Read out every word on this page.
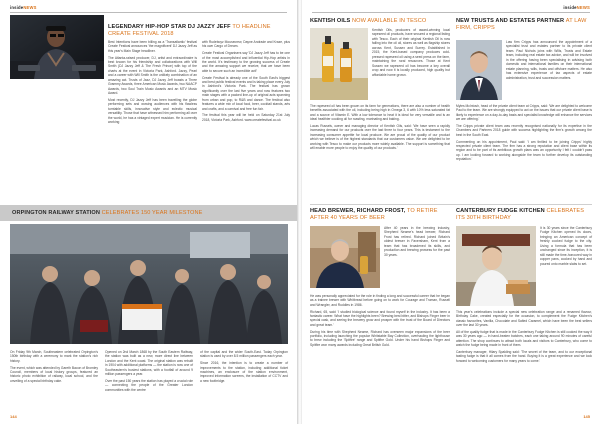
insideNEWS
LEGENDARY HIP-HOP STAR DJ JAZZY JEFF TO HEADLINE CREATE FESTIVAL 2018

Best Intentions have been billing as a 'Transatlantic' festival Create Festival announces 'the magnificent' DJ Jazzy Jeff as this year's Main Stage headliner.

The Atlanta-raised producer, DJ, artist and extraordinaire is best known for his friendship and collaborations with Will Smith (DJ Jazzy Jeff & The Fresh Prince) with top of the charts at the event in Victoria Park, Ashford. Jazzy, Pearl and a career with Will Smith is the unlikely combination of an amazing act. Trusts of Jazz, DJ Jazzy Jeff boasts a Three Grammy Awards, three American Music Awards, two NAACP Awards, two Soul Train Music Awards and an MTV Music Award.

Most recently, DJ Jazzy Jeff has been travelling the globe performing sets and wowing audiences with his flawless turntable skills, innovative style and eclectic musical versatility. Those that have witnessed him performing all over the world, he has a vintaged expert musician. He is currently working

with Rudeboyz Mousecrew, Dayne Andrade and Kraze, plus his own Cargo of Dream.

Create Festival Organisers say 'DJ Jazzy Jeff has to be one of the most accomplished and influential Hip-Hop artists in the world. It's testimony to the growing success of Create and the amazing support we receive, that we have been able to secure such an incredible act!'

Create Festival is already one of the South East's biggest and best public festival events and is taking place every July in Ashford's Victoria Park. The festival has grown significantly over the last five years and now features two main stages with a packed line-up of original acts spanning from urban and pop, to R&B and dance. The festival also features a wide mix of local food, beer, cocktail stands, arts and crafts, and a carnival and free fun fair.

The festival this year will be held on Saturday 21st July 2018, Victoria Park, Ashford. www.createfestival.co.uk

ORPINGTON RAILWAY STATION CELEBRATES 150 YEAR MILESTONE

On Friday 9th March, Southeastern celebrated Orpington's 150th birthday with a ceremony to mark the station's rich history.

The event, which was attended by Gareth Bacon of Bromley Council, members of local history groups, featured an historic photo exhibition of railway, local school, and the unveiling of a special birthday cake.

Opened on 2nd March 1868 by the South Eastern Railway, the station was built as a new, more direct line between London and the Kent coast. The original station was rebuilt in 1904 with additional platforms — the station is now one of Southeastern's busiest stations, with a footfall of around 9 million passengers a year.

Over the past 150 years the station has played a crucial role — connecting the people of the Greater London communities with the centre

of the capital and the wider South-East. Today Orpington station is used by over 8.5 million passengers each year.

Since 2016, the intention is to create a number of improvements to the station, including additional ticket machines, an enclosure of the station environment, improved information screens, the installation of CCTV and a new footbridge.

144
insideNEWS
KENTISH OILS NOW AVAILABLE IN TESCO

Kentish Oils, producers of award-winning local rapeseed oil products, have secured a regional listing with Tesco. Each of their original Kentish Oil is now falling into the oil oil, stores as well as flagship stores across Kent, Sussex and Surrey. Established in 2015, the Kent-based company produces cold-pressed rapeseed oil using a seed press on the farm, maintaining the rural resources. Those at Kent Sussex we rapeseed oil has become a key overall crop and now it is locally produced, high quality but affordable home grown.

The rapeseed oil has been grown on its farm for generations, there are also a number of health benefits associated with the oil, including being high in Omega 3, 6 with 10% less saturated fat and a source of Vitamin E. With a low tolerance to heat it is ideal for very versatile and is an ideal healthier cooking oil for roasting, marinating and baking.

Lucas Russels, owner and managing director of Kentish Oils, said: 'We have seen a rapidly increasing demand for our products over the last three to four years. This is testament to the increasing consumer appetite for local produce. We are proud of the quality of our product which we believe is of the highest standards that our customers value. We are delighted to be working with Tesco to make our products more widely available. The support is something that will enable more people to enjoy the quality of our products.'

NEW TRUSTS AND ESTATES PARTNER AT LAW FIRM, CRIPPS

Law firm Cripps has announced the appointment of a specialist trust and estates partner to its private client team. Paul Nichols joins with Wills, Trusts and Estate team, including real estate tax advice, and will be involved in the offering having been specialising in advising both domestic and international families on their international estate planning, wills, trusts and offshore matters. He also has extensive experience of tax aspects of estate administration, trust and succession matters.

Myles McIntosh, head of the private client team at Cripps, said: 'We are delighted to welcome Paul to the team. We are strongly equipped to act on the issues that our private client base is likely to experience on a day-to-day basis and specialist knowledge will enhance the services we are offering.'

The Cripps private client team was recently recognised nationally for its expertise in the Chambers and Partners 2018 guide with success highlighting the firm's growth among the best in the South East.

Commenting on his appointment, Paul said: 'I am thrilled to be joining Cripps' highly respected private client team. The firm has a strong reputation and client base within its region and to be part of its ambitious growth plans was an opportunity I felt I couldn't pass up. I am looking forward to working alongside the team to further develop its outstanding reputation.'

HEAD BREWER, RICHARD FROST, TO RETIRE AFTER 40 YEARS OF BEER

After 40 years in the brewing industry, Shepherd Neame's head brewer, Richard Frost has retired. Richard joined Britain's oldest brewer in Faversham, Kent from a team that has broadened its skills, and production and brewing prowess for the past 30 years.

He was personally appreciated for the role in finding a long and successful career that he began as a trainee brewer with Whitbread before going on to work for Courage and Truman, Russell and Wrangler, and Ruddles in 1986.

Richard, 65, said: 'I studied biological science and found myself in the industry. It has been a fantastic career. What have the highlights been? Brewing best bitter, and Bishops Finger beer in special cask, and seeing the brewery grow and prosper with the trust of the Board of Directors and great team.'

During his time with Shepherd Neame, Richard has overseen major expansions of the beer portfolio, including launching the popular Whitstable Bay Collection, overhauling the lighthouse to brew including the 'Spitfire' range and Spitfire Gold. Under his hand Bishops Finger and Spitfire won many awards including Great British Gold.

CANTERBURY FUDGE KITCHEN CELEBRATES ITS 30TH BIRTHDAY

It is 30 years since the Canterbury Fudge Kitchen opened its doors, bringing an American concept of freshly cooked fudge to the city. Using a formula that has been unchanged since its inception, it is still made the time-honoured way in copper pans, cooked by hand and poured onto marble slabs to set.

This year's celebrations include a special new celebration range and a renamed flavour, Birthday Cake, created especially for the occasion, to complement the Fudge Kitchen's classic favourites, Vanilla, Chocolate and Salted Caramel, which have been the best sellers over the last 30 years.

All of the quality fudge that is made in the Canterbury Fudge Kitchen is still cooked the way it was 30 years ago — in hand-beaten batches, each one taking around 90 minutes of careful attention. The shop continues to attract both locals and visitors to Canterbury, who come to watch the fudge being made in front of them.

Canterbury manager, Hilary Spalding said: 'The secret of the team, and to our exceptional tasting fudge is that it all comes from the hand. Buying it is a great experience and we look forward to welcoming customers for many years to come.'

145
